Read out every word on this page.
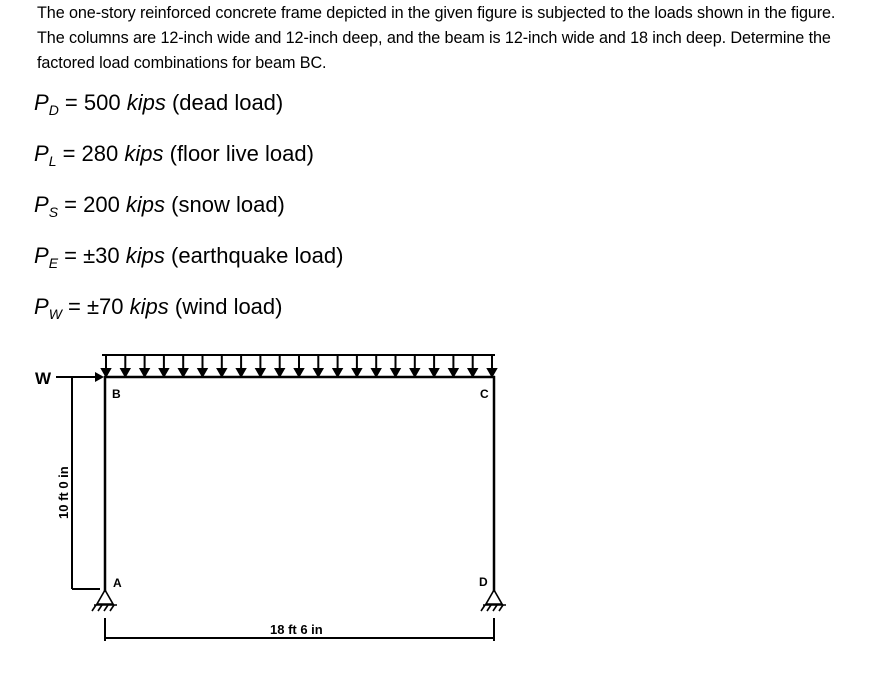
The one-story reinforced concrete frame depicted in the given figure is subjected to the loads shown in the figure. The columns are 12-inch wide and 12-inch deep, and the beam is 12-inch wide and 18 inch deep. Determine the factored load combinations for beam BC.
$P_D = 500$ kips (dead load)
$P_L = 280$ kips (floor live load)
$P_S = 200$ kips (snow load)
$P_E = \pm 30$ kips (earthquake load)
$P_W = \pm 70$ kips (wind load)
W
10 ft 0 in
B	C
A	D
18 ft 6 in
